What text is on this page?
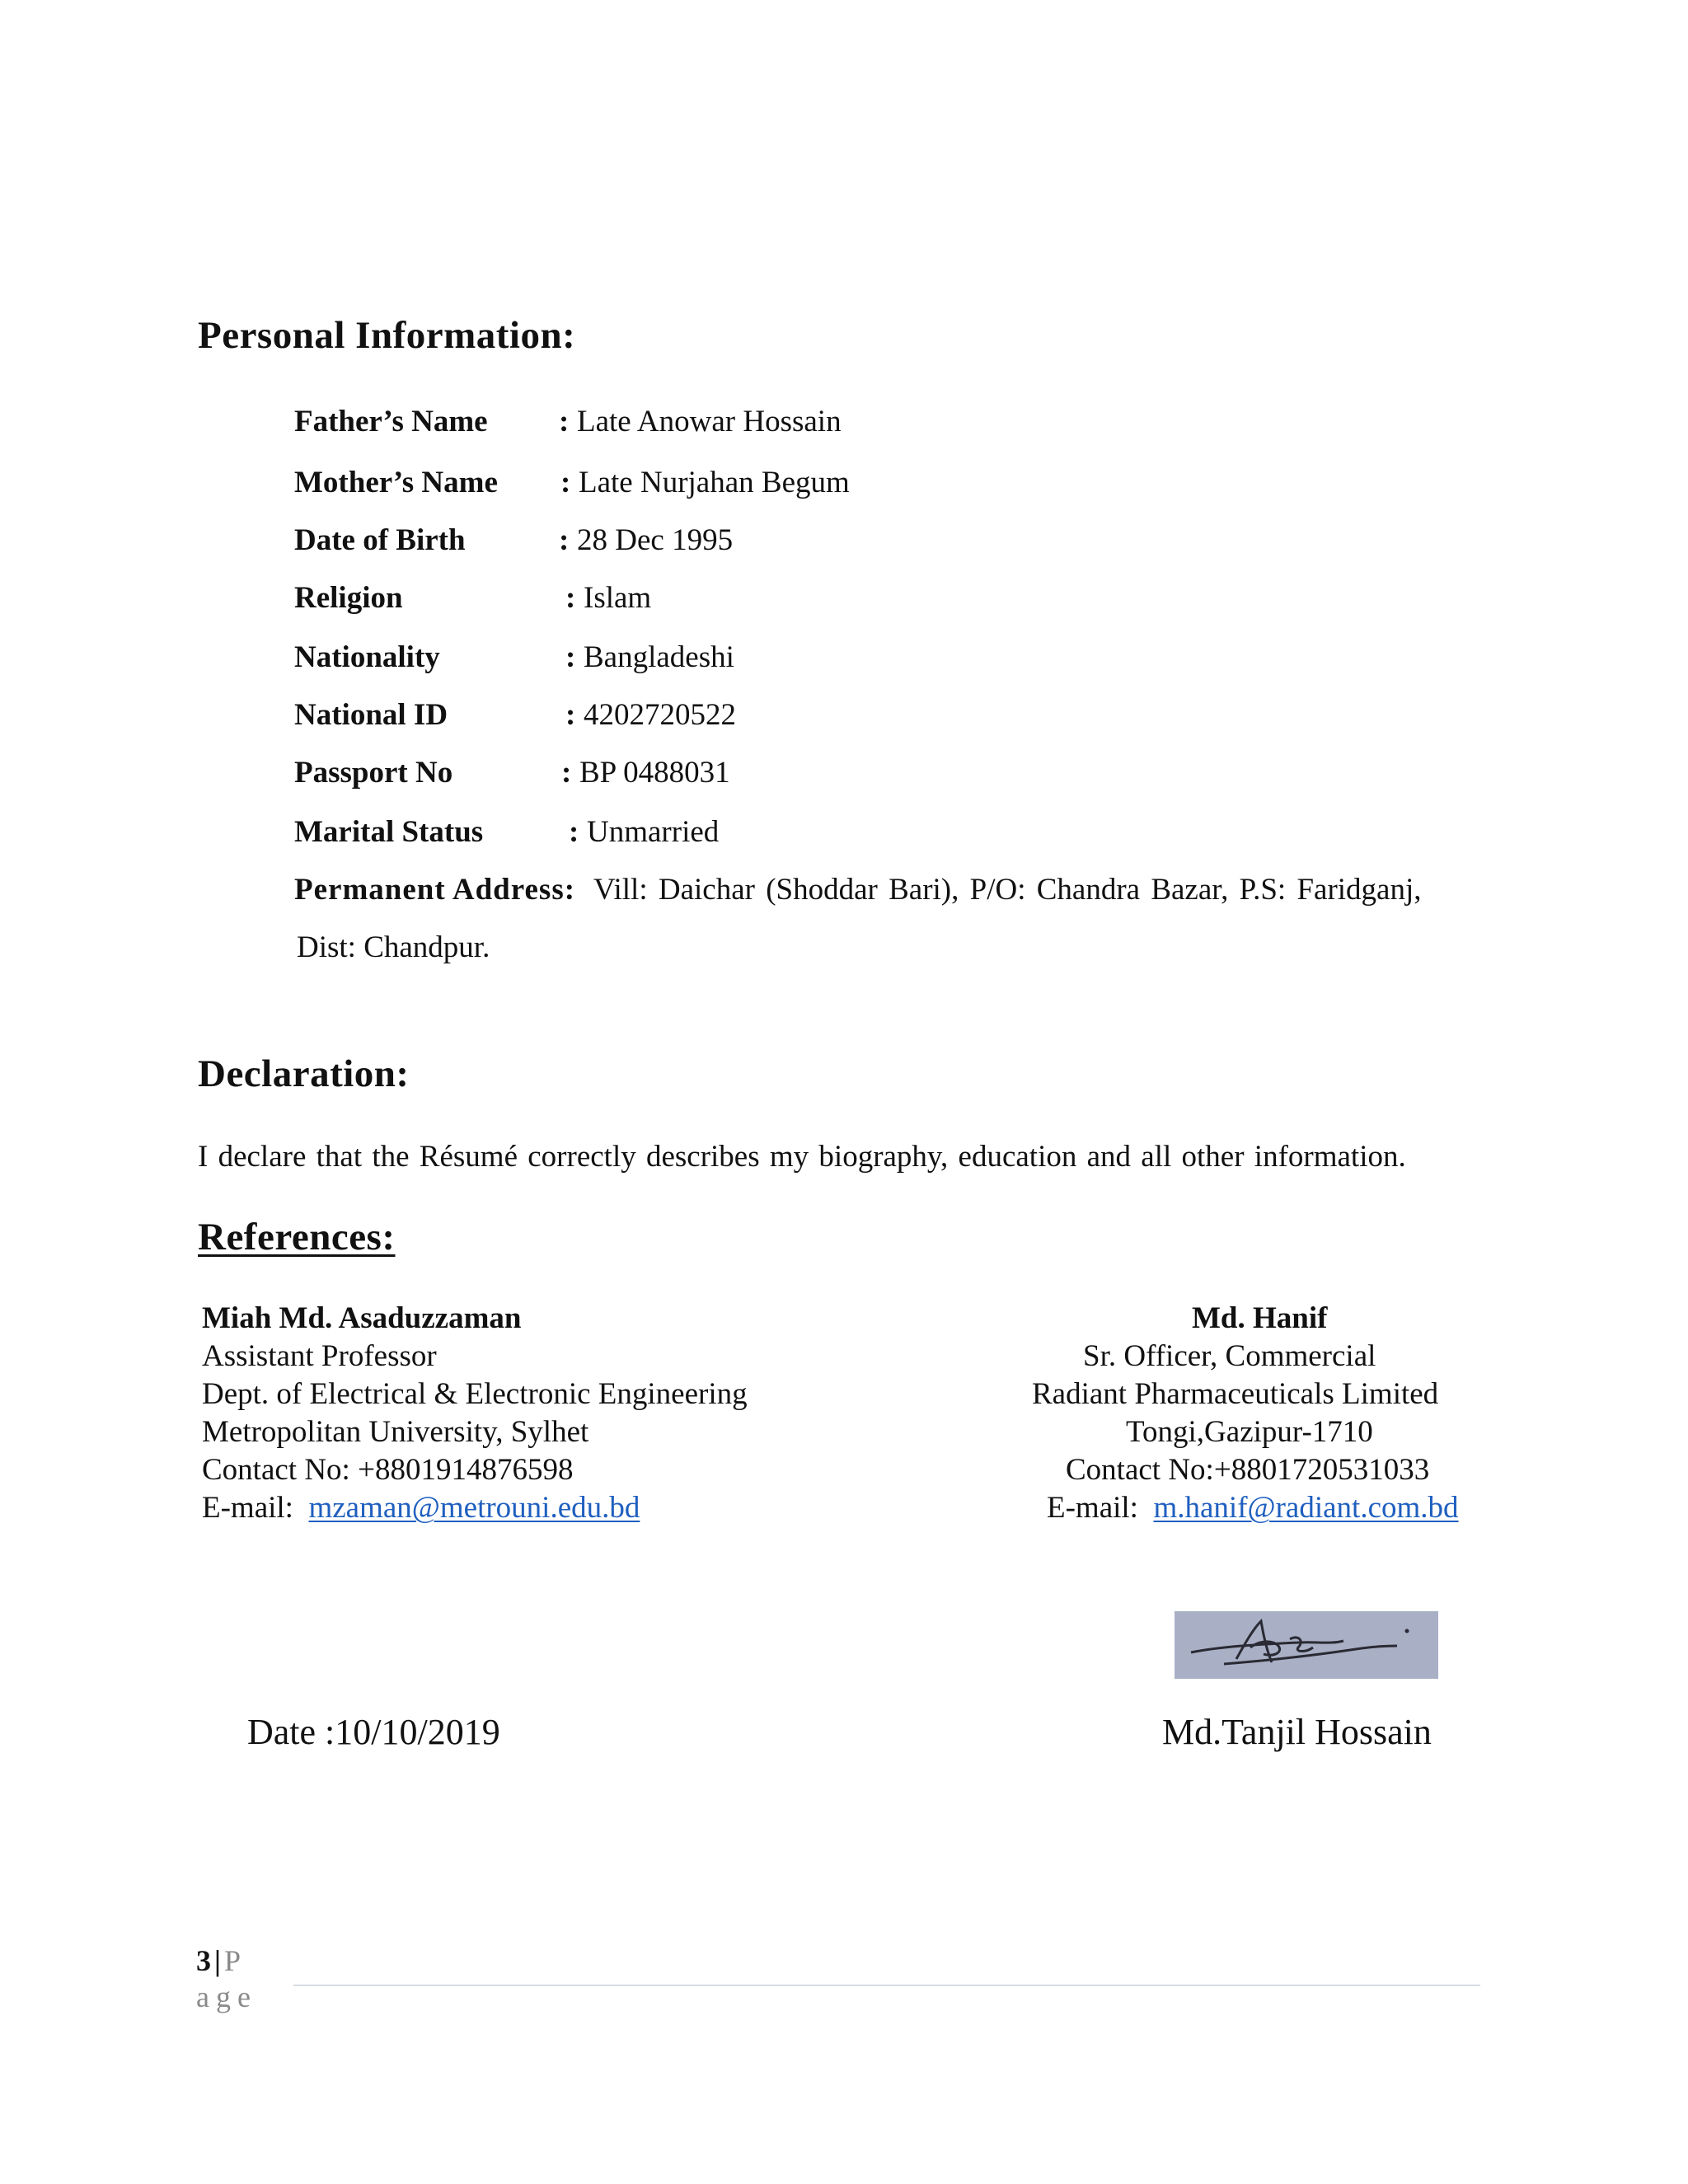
Personal Information:
Father’s Name : Late Anowar Hossain
Mother’s Name : Late Nurjahan Begum
Date of Birth	: 28 Dec 1995
Religion	: Islam
Nationality	: Bangladeshi
National ID	: 4202720522
Passport No	: BP 0488031
Marital Status	: Unmarried
Permanent Address: Vill: Daichar (Shoddar Bari), P/O: Chandra Bazar, P.S: Faridganj,
Dist: Chandpur.
Declaration:
I declare that the Résumé correctly describes my biography, education and all other information.
References:
Miah Md. Asaduzzaman
Assistant Professor
Dept. of Electrical & Electronic Engineering
Metropolitan University, Sylhet
Contact No: +8801914876598
E-mail: mzaman@metrouni.edu.bd
Md. Hanif
Sr. Officer, Commercial
Radiant Pharmaceuticals Limited
Tongi,Gazipur-1710
Contact No:+8801720531033
E-mail: m.hanif@radiant.com.bd
Date :10/10/2019	Md.Tanjil Hossain
3 | P
age
